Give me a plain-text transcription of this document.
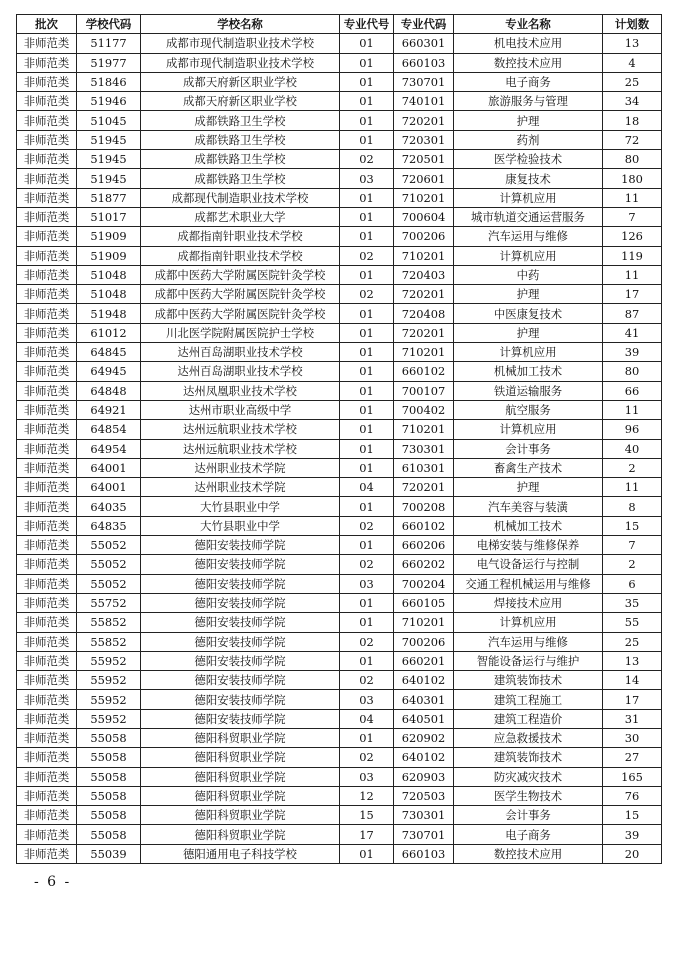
批次	学校代码	学校名称	专业代号	专业代码	专业名称	计划数
非师范类	51177	成都市现代制造职业技术学校	01	660301	机电技术应用	13
非师范类	51977	成都市现代制造职业技术学校	01	660103	数控技术应用	4
非师范类	51846	成都天府新区职业学校	01	730701	电子商务	25
非师范类	51946	成都天府新区职业学校	01	740101	旅游服务与管理	34
非师范类	51045	成都铁路卫生学校	01	720201	护理	18
非师范类	51945	成都铁路卫生学校	01	720301	药剂	72
非师范类	51945	成都铁路卫生学校	02	720501	医学检验技术	80
非师范类	51945	成都铁路卫生学校	03	720601	康复技术	180
非师范类	51877	成都现代制造职业技术学校	01	710201	计算机应用	11
非师范类	51017	成都艺术职业大学	01	700604	城市轨道交通运营服务	7
非师范类	51909	成都指南针职业技术学校	01	700206	汽车运用与维修	126
非师范类	51909	成都指南针职业技术学校	02	710201	计算机应用	119
非师范类	51048	成都中医药大学附属医院针灸学校	01	720403	中药	11
非师范类	51048	成都中医药大学附属医院针灸学校	02	720201	护理	17
非师范类	51948	成都中医药大学附属医院针灸学校	01	720408	中医康复技术	87
非师范类	61012	川北医学院附属医院护士学校	01	720201	护理	41
非师范类	64845	达州百岛湖职业技术学校	01	710201	计算机应用	39
非师范类	64945	达州百岛湖职业技术学校	01	660102	机械加工技术	80
非师范类	64848	达州凤凰职业技术学校	01	700107	铁道运输服务	66
非师范类	64921	达州市职业高级中学	01	700402	航空服务	11
非师范类	64854	达州远航职业技术学校	01	710201	计算机应用	96
非师范类	64954	达州远航职业技术学校	01	730301	会计事务	40
非师范类	64001	达州职业技术学院	01	610301	畜禽生产技术	2
非师范类	64001	达州职业技术学院	04	720201	护理	11
非师范类	64035	大竹县职业中学	01	700208	汽车美容与装潢	8
非师范类	64835	大竹县职业中学	02	660102	机械加工技术	15
非师范类	55052	德阳安装技师学院	01	660206	电梯安装与维修保养	7
非师范类	55052	德阳安装技师学院	02	660202	电气设备运行与控制	2
非师范类	55052	德阳安装技师学院	03	700204	交通工程机械运用与维修	6
非师范类	55752	德阳安装技师学院	01	660105	焊接技术应用	35
非师范类	55852	德阳安装技师学院	01	710201	计算机应用	55
非师范类	55852	德阳安装技师学院	02	700206	汽车运用与维修	25
非师范类	55952	德阳安装技师学院	01	660201	智能设备运行与维护	13
非师范类	55952	德阳安装技师学院	02	640102	建筑装饰技术	14
非师范类	55952	德阳安装技师学院	03	640301	建筑工程施工	17
非师范类	55952	德阳安装技师学院	04	640501	建筑工程造价	31
非师范类	55058	德阳科贸职业学院	01	620902	应急救援技术	30
非师范类	55058	德阳科贸职业学院	02	640102	建筑装饰技术	27
非师范类	55058	德阳科贸职业学院	03	620903	防灾减灾技术	165
非师范类	55058	德阳科贸职业学院	12	720503	医学生物技术	76
非师范类	55058	德阳科贸职业学院	15	730301	会计事务	15
非师范类	55058	德阳科贸职业学院	17	730701	电子商务	39
非师范类	55039	德阳通用电子科技学校	01	660103	数控技术应用	20
- 6 -
